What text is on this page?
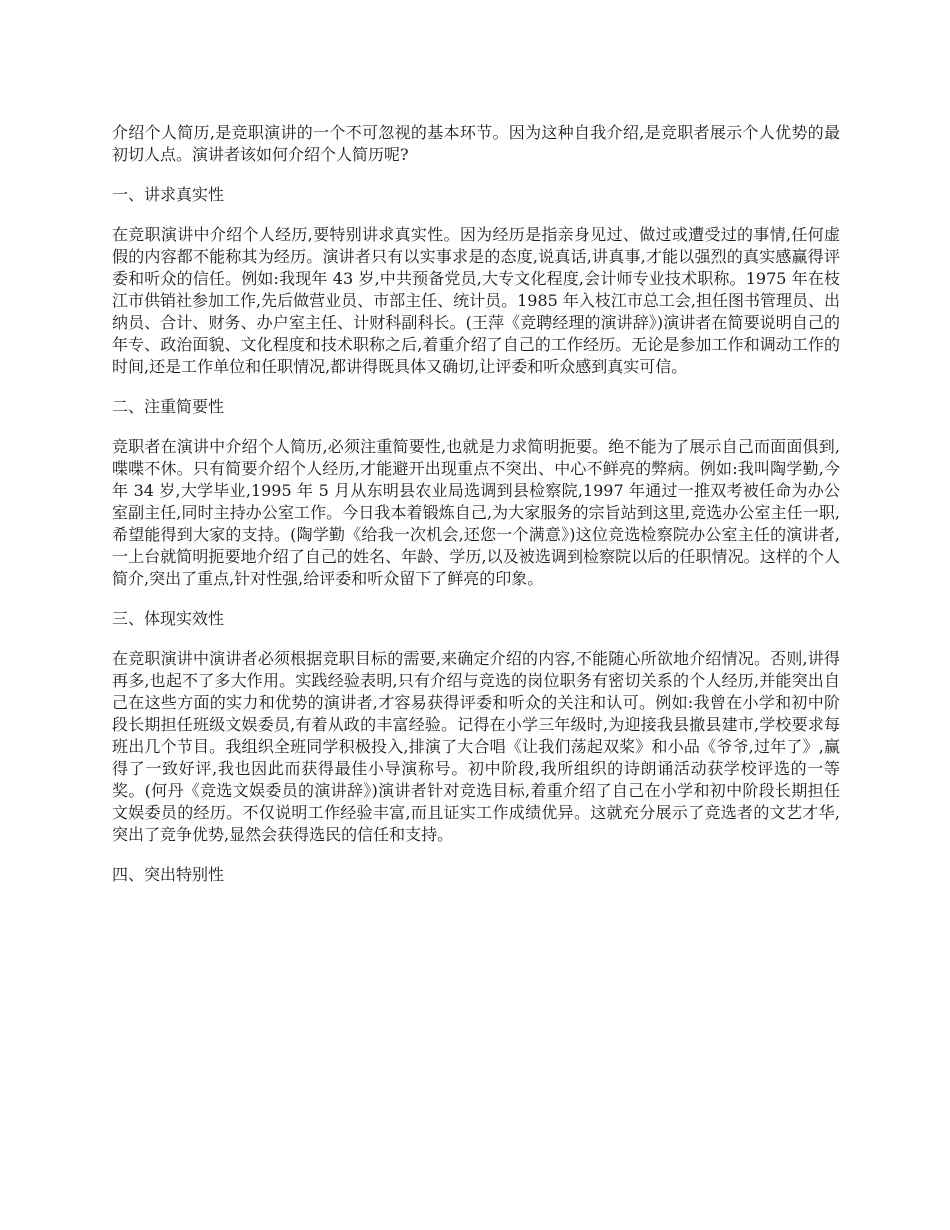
介绍个人简历,是竞职演讲的一个不可忽视的基本环节。因为这种自我介绍,是竞职者展示个人优势的最初切人点。演讲者该如何介绍个人简历呢?

一、讲求真实性

在竞职演讲中介绍个人经历,要特别讲求真实性。因为经历是指亲身见过、做过或遭受过的事情,任何虚假的内容都不能称其为经历。演讲者只有以实事求是的态度,说真话,讲真事,才能以强烈的真实感赢得评委和听众的信任。例如:我现年 43 岁,中共预备党员,大专文化程度,会计师专业技术职称。1975 年在枝江市供销社参加工作,先后做营业员、市部主任、统计员。1985 年入枝江市总工会,担任图书管理员、出纳员、合计、财务、办户室主任、计财科副科长。(王萍《竞聘经理的演讲辞》)演讲者在简要说明自己的年专、政治面貌、文化程度和技术职称之后,着重介绍了自己的工作经历。无论是参加工作和调动工作的时间,还是工作单位和任职情况,都讲得既具体又确切,让评委和听众感到真实可信。

二、注重简要性

竞职者在演讲中介绍个人简历,必须注重简要性,也就是力求简明扼要。绝不能为了展示自己而面面俱到,喋喋不休。只有简要介绍个人经历,才能避开出现重点不突出、中心不鲜亮的弊病。例如:我叫陶学勤,今年 34 岁,大学毕业,1995 年 5 月从东明县农业局选调到县检察院,1997 年通过一推双考被任命为办公室副主任,同时主持办公室工作。今日我本着锻炼自己,为大家服务的宗旨站到这里,竞选办公室主任一职,希望能得到大家的支持。(陶学勤《给我一次机会,还您一个满意》)这位竞选检察院办公室主任的演讲者,一上台就简明扼要地介绍了自己的姓名、年龄、学历,以及被选调到检察院以后的任职情况。这样的个人简介,突出了重点,针对性强,给评委和听众留下了鲜亮的印象。

三、体现实效性

在竞职演讲中演讲者必须根据竞职目标的需要,来确定介绍的内容,不能随心所欲地介绍情况。否则,讲得再多,也起不了多大作用。实践经验表明,只有介绍与竞选的岗位职务有密切关系的个人经历,并能突出自己在这些方面的实力和优势的演讲者,才容易获得评委和听众的关注和认可。例如:我曾在小学和初中阶段长期担任班级文娱委员,有着从政的丰富经验。记得在小学三年级时,为迎接我县撤县建市,学校要求每班出几个节目。我组织全班同学积极投入,排演了大合唱《让我们荡起双桨》和小品《爷爷,过年了》,赢得了一致好评,我也因此而获得最佳小导演称号。初中阶段,我所组织的诗朗诵活动获学校评选的一等奖。(何丹《竞选文娱委员的演讲辞》)演讲者针对竞选目标,着重介绍了自己在小学和初中阶段长期担任文娱委员的经历。不仅说明工作经验丰富,而且证实工作成绩优异。这就充分展示了竞选者的文艺才华,突出了竞争优势,显然会获得选民的信任和支持。

四、突出特别性
